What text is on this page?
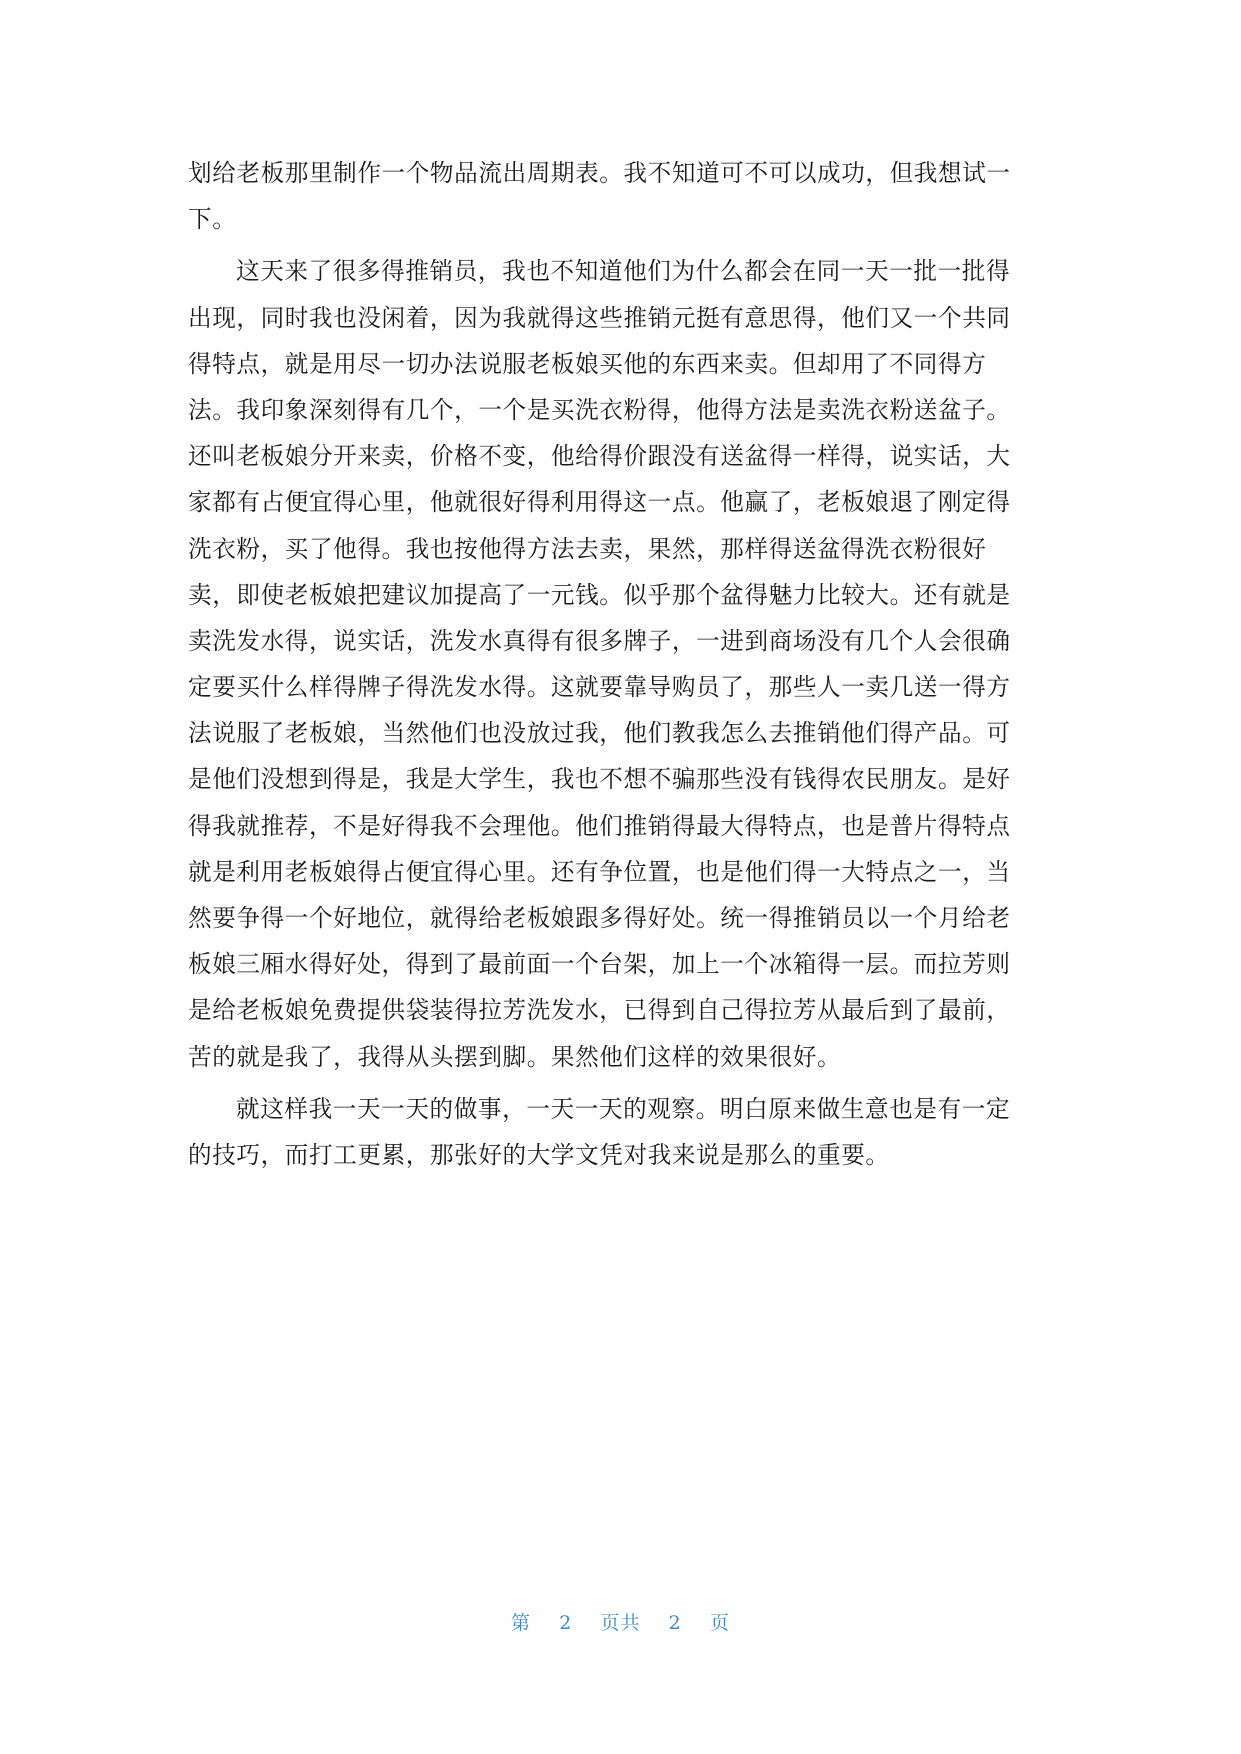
划给老板那里制作一个物品流出周期表。我不知道可不可以成功，但我想试一
下。
这天来了很多得推销员，我也不知道他们为什么都会在同一天一批一批得
出现，同时我也没闲着，因为我就得这些推销元挺有意思得，他们又一个共同
得特点，就是用尽一切办法说服老板娘买他的东西来卖。但却用了不同得方
法。我印象深刻得有几个，一个是买洗衣粉得，他得方法是卖洗衣粉送盆子。
还叫老板娘分开来卖，价格不变，他给得价跟没有送盆得一样得，说实话，大
家都有占便宜得心里，他就很好得利用得这一点。他赢了，老板娘退了刚定得
洗衣粉，买了他得。我也按他得方法去卖，果然，那样得送盆得洗衣粉很好
卖，即使老板娘把建议加提高了一元钱。似乎那个盆得魅力比较大。还有就是
卖洗发水得，说实话，洗发水真得有很多牌子，一进到商场没有几个人会很确
定要买什么样得牌子得洗发水得。这就要靠导购员了，那些人一卖几送一得方
法说服了老板娘，当然他们也没放过我，他们教我怎么去推销他们得产品。可
是他们没想到得是，我是大学生，我也不想不骗那些没有钱得农民朋友。是好
得我就推荐，不是好得我不会理他。他们推销得最大得特点，也是普片得特点
就是利用老板娘得占便宜得心里。还有争位置，也是他们得一大特点之一，当
然要争得一个好地位，就得给老板娘跟多得好处。统一得推销员以一个月给老
板娘三厢水得好处，得到了最前面一个台架，加上一个冰箱得一层。而拉芳则
是给老板娘免费提供袋装得拉芳洗发水，已得到自己得拉芳从最后到了最前，
苦的就是我了，我得从头摆到脚。果然他们这样的效果很好。
就这样我一天一天的做事，一天一天的观察。明白原来做生意也是有一定
的技巧，而打工更累，那张好的大学文凭对我来说是那么的重要。
第 2 页共 2 页
